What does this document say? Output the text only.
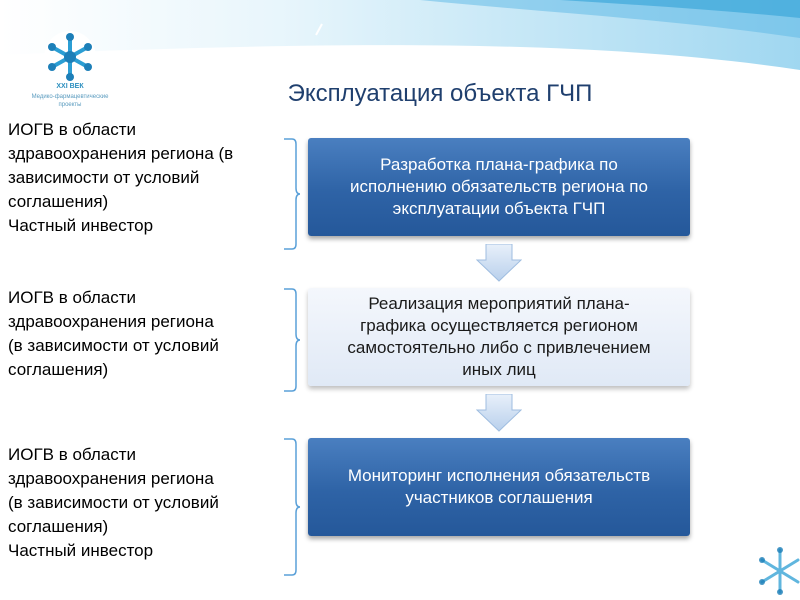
XXI ВЕК
Медико-фармацевтические
проекты	Эксплуатация объекта ГЧП
ИОГВ в области
здравоохранения региона (в
зависимости от условий
соглашения)
Частный инвестор
Разработка плана-графика по
исполнению обязательств региона по
эксплуатации объекта ГЧП
ИОГВ в области
здравоохранения региона
(в зависимости от условий
соглашения)
Реализация мероприятий плана-
графика осуществляется регионом
самостоятельно либо с привлечением
иных лиц
ИОГВ в области
здравоохранения региона
(в зависимости от условий
соглашения)
Частный инвестор
Мониторинг исполнения обязательств
участников соглашения
